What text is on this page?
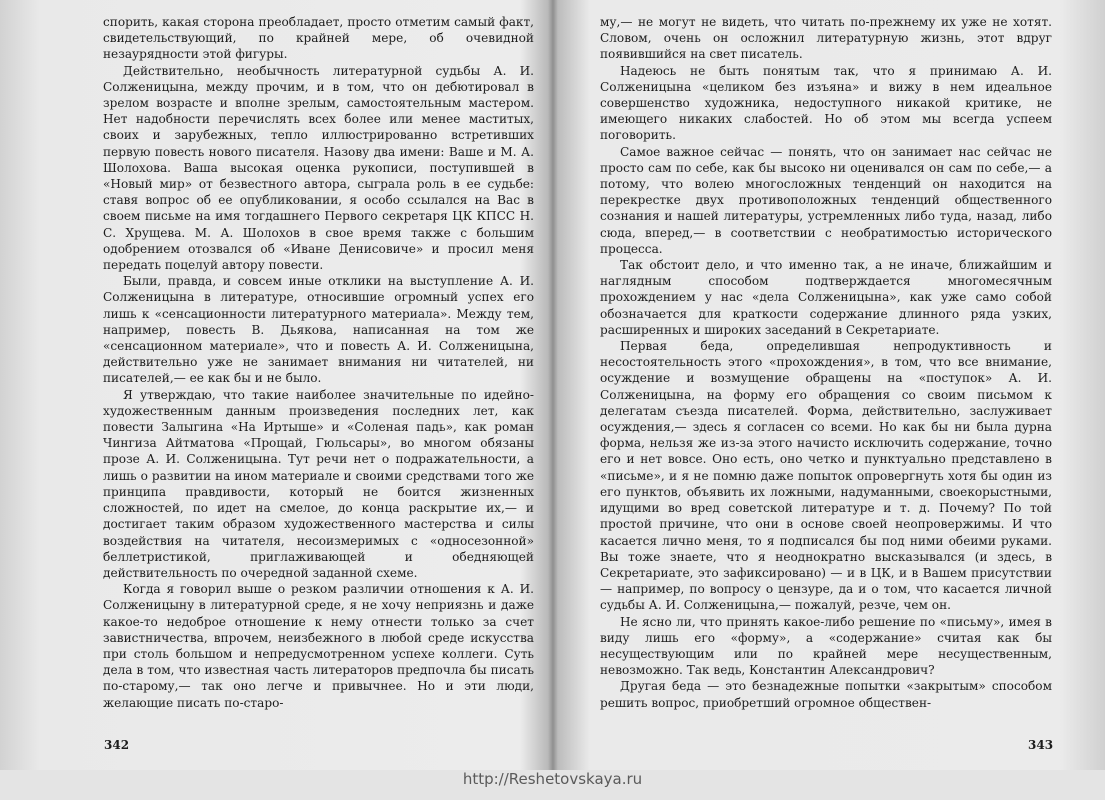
спорить, какая сторона преобладает, просто отметим самый факт, свидетельствующий, по крайней мере, об очевидной незаурядности этой фигуры.

Действительно, необычность литературной судьбы А. И. Солженицына, между прочим, и в том, что он дебютировал в зрелом возрасте и вполне зрелым, самостоятельным мастером. Нет надобности перечислять всех более или менее маститых, своих и зарубежных, тепло иллюстрированно встретивших первую повесть нового писателя. Назову два имени: Ваше и М. А. Шолохова. Ваша высокая оценка рукописи, поступившей в «Новый мир» от безвестного автора, сыграла роль в ее судьбе: ставя вопрос об ее опубликовании, я особо ссылался на Вас в своем письме на имя тогдашнего Первого секретаря ЦК КПСС Н. С. Хрущева. М. А. Шолохов в свое время также с большим одобрением отозвался об «Иване Денисовиче» и просил меня передать поцелуй автору повести.

Были, правда, и совсем иные отклики на выступление А. И. Солженицына в литературе, относившие огромный успех его лишь к «сенсационности литературного материала». Между тем, например, повесть В. Дьякова, написанная на том же «сенсационном материале», что и повесть А. И. Солженицына, действительно уже не занимает внимания ни читателей, ни писателей,— ее как бы и не было.

Я утверждаю, что такие наиболее значительные по идейно-художественным данным произведения последних лет, как повести Залыгина «На Иртыше» и «Соленая падь», как роман Чингиза Айтматова «Прощай, Гюльсары», во многом обязаны прозе А. И. Солженицына. Тут речи нет о подражательности, а лишь о развитии на ином материале и своими средствами того же принципа правдивости, который не боится жизненных сложностей, по идет на смелое, до конца раскрытие их,— и достигает таким образом художественного мастерства и силы воздействия на читателя, несоизмеримых с «односезонной» беллетристикой, приглаживающей и обедняющей действительность по очередной заданной схеме.

Когда я говорил выше о резком различии отношения к А. И. Солженицыну в литературной среде, я не хочу неприязнь и даже какое-то недоброе отношение к нему отнести только за счет завистничества, впрочем, неизбежного в любой среде искусства при столь большом и непредусмотренном успехе коллеги. Суть дела в том, что известная часть литераторов предпочла бы писать по-старому,— так оно легче и привычнее. Но и эти люди, желающие писать по-старо-

342

му,— не могут не видеть, что читать по-прежнему их уже не хотят. Словом, очень он осложнил литературную жизнь, этот вдруг появившийся на свет писатель.

Надеюсь не быть понятым так, что я принимаю А. И. Солженицына «целиком без изъяна» и вижу в нем идеальное совершенство художника, недоступного никакой критике, не имеющего никаких слабостей. Но об этом мы всегда успеем поговорить.

Самое важное сейчас — понять, что он занимает нас сейчас не просто сам по себе, как бы высоко ни оценивался он сам по себе,— а потому, что волею многосложных тенденций он находится на перекрестке двух противоположных тенденций общественного сознания и нашей литературы, устремленных либо туда, назад, либо сюда, вперед,— в соответствии с необратимостью исторического процесса.

Так обстоит дело, и что именно так, а не иначе, ближайшим и наглядным способом подтверждается многомесячным прохождением у нас «дела Солженицына», как уже само собой обозначается для краткости содержание длинного ряда узких, расширенных и широких заседаний в Секретариате.

Первая беда, определившая непродуктивность и несостоятельность этого «прохождения», в том, что все внимание, осуждение и возмущение обращены на «поступок» А. И. Солженицына, на форму его обращения со своим письмом к делегатам съезда писателей. Форма, действительно, заслуживает осуждения,— здесь я согласен со всеми. Но как бы ни была дурна форма, нельзя же из-за этого начисто исключить содержание, точно его и нет вовсе. Оно есть, оно четко и пунктуально представлено в «письме», и я не помню даже попыток опровергнуть хотя бы один из его пунктов, объявить их ложными, надуманными, своекорыстными, идущими во вред советской литературе и т. д. Почему? По той простой причине, что они в основе своей неопровержимы. И что касается лично меня, то я подписался бы под ними обеими руками. Вы тоже знаете, что я неоднократно высказывался (и здесь, в Секретариате, это зафиксировано) — и в ЦК, и в Вашем присутствии — например, по вопросу о цензуре, да и о том, что касается личной судьбы А. И. Солженицына,— пожалуй, резче, чем он.

Не ясно ли, что принять какое-либо решение по «письму», имея в виду лишь его «форму», а «содержание» считая как бы несуществующим или по крайней мере несущественным, невозможно. Так ведь, Константин Александрович?

Другая беда — это безнадежные попытки «закрытым» способом решить вопрос, приобретший огромное обществен-

343
http://Reshetovskaya.ru
